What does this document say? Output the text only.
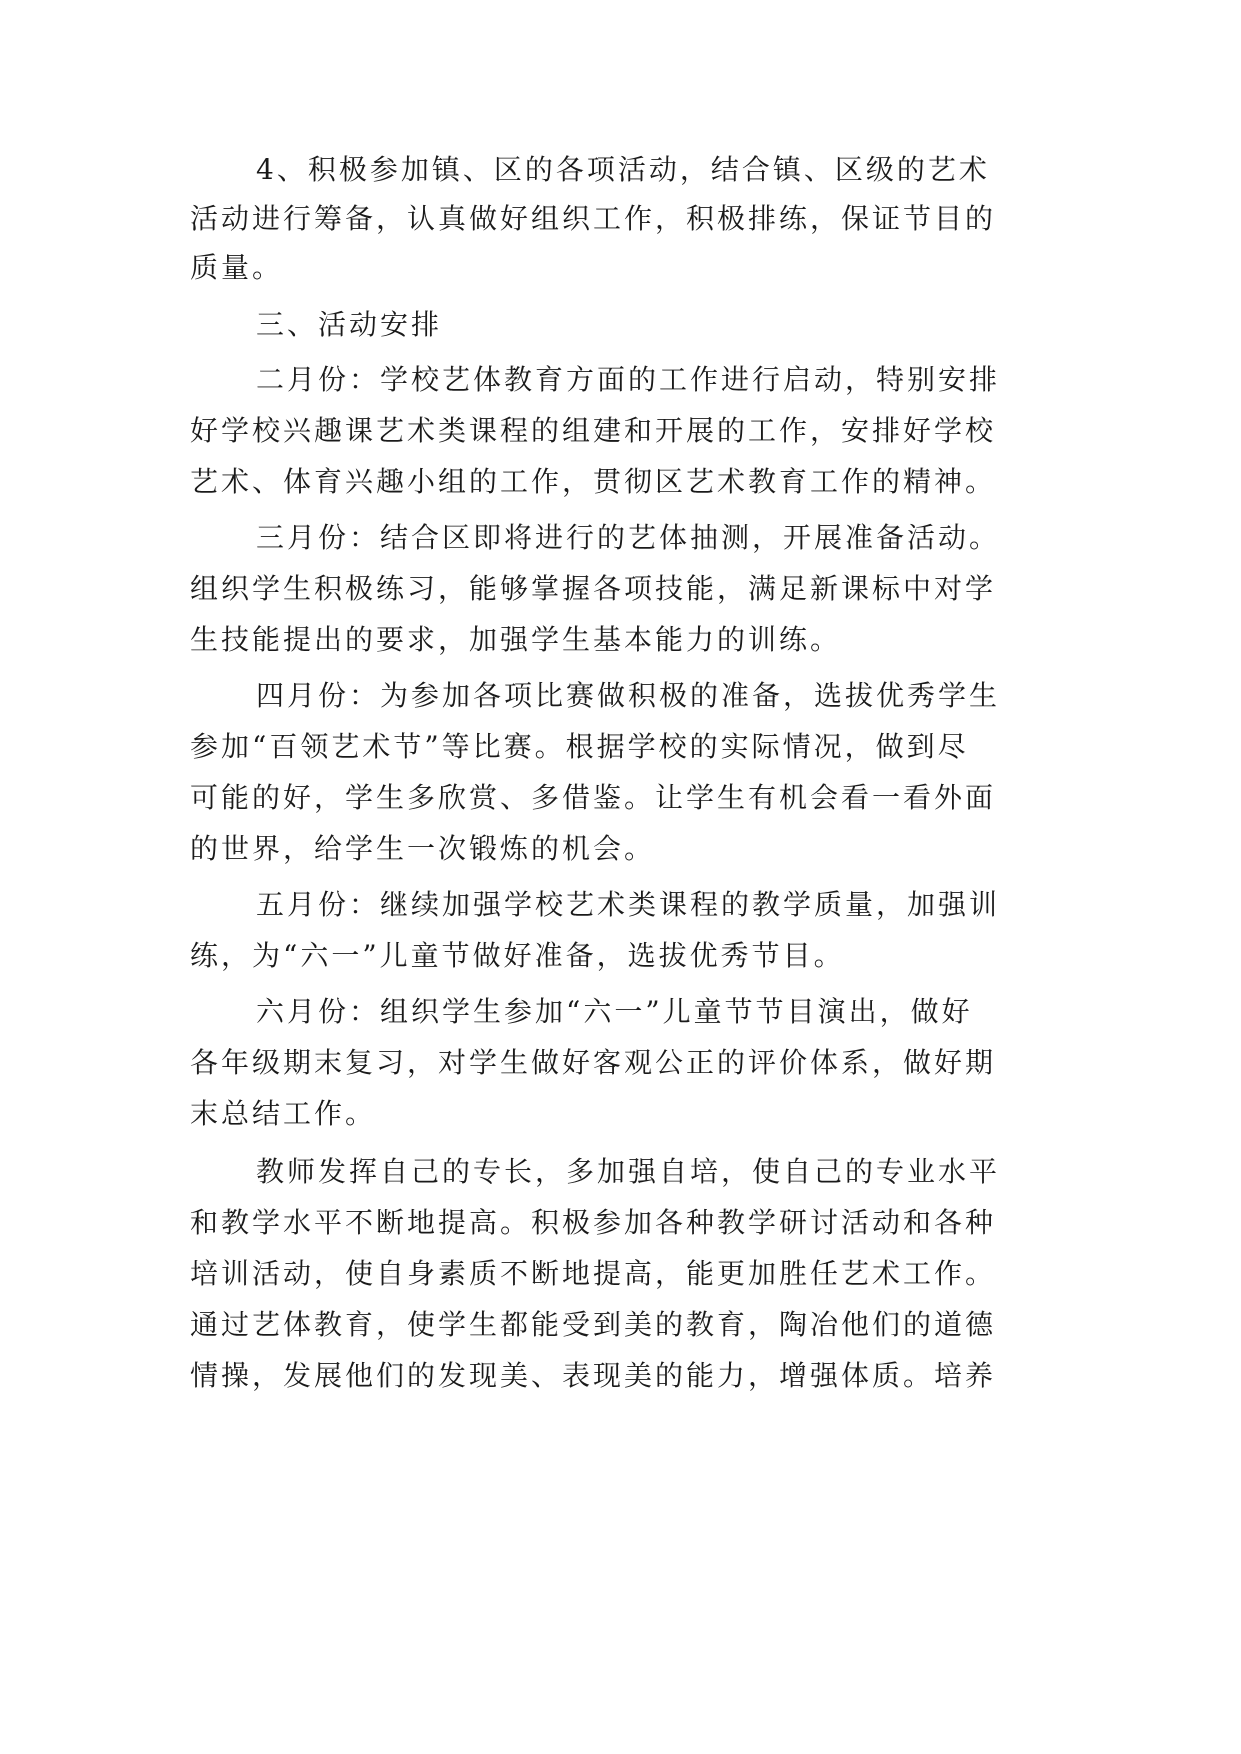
4、积极参加镇、区的各项活动，结合镇、区级的艺术
活动进行筹备，认真做好组织工作，积极排练，保证节目的
质量。
三、活动安排
二月份：学校艺体教育方面的工作进行启动，特别安排
好学校兴趣课艺术类课程的组建和开展的工作，安排好学校
艺术、体育兴趣小组的工作，贯彻区艺术教育工作的精神。
三月份：结合区即将进行的艺体抽测，开展准备活动。
组织学生积极练习，能够掌握各项技能，满足新课标中对学
生技能提出的要求，加强学生基本能力的训练。
四月份：为参加各项比赛做积极的准备，选拔优秀学生
参加“百领艺术节”等比赛。根据学校的实际情况，做到尽
可能的好，学生多欣赏、多借鉴。让学生有机会看一看外面
的世界，给学生一次锻炼的机会。
五月份：继续加强学校艺术类课程的教学质量，加强训
练，为“六一”儿童节做好准备，选拔优秀节目。
六月份：组织学生参加“六一”儿童节节目演出，做好
各年级期末复习，对学生做好客观公正的评价体系，做好期
末总结工作。
教师发挥自己的专长，多加强自培，使自己的专业水平
和教学水平不断地提高。积极参加各种教学研讨活动和各种
培训活动，使自身素质不断地提高，能更加胜任艺术工作。
通过艺体教育，使学生都能受到美的教育，陶冶他们的道德
情操，发展他们的发现美、表现美的能力，增强体质。培养
